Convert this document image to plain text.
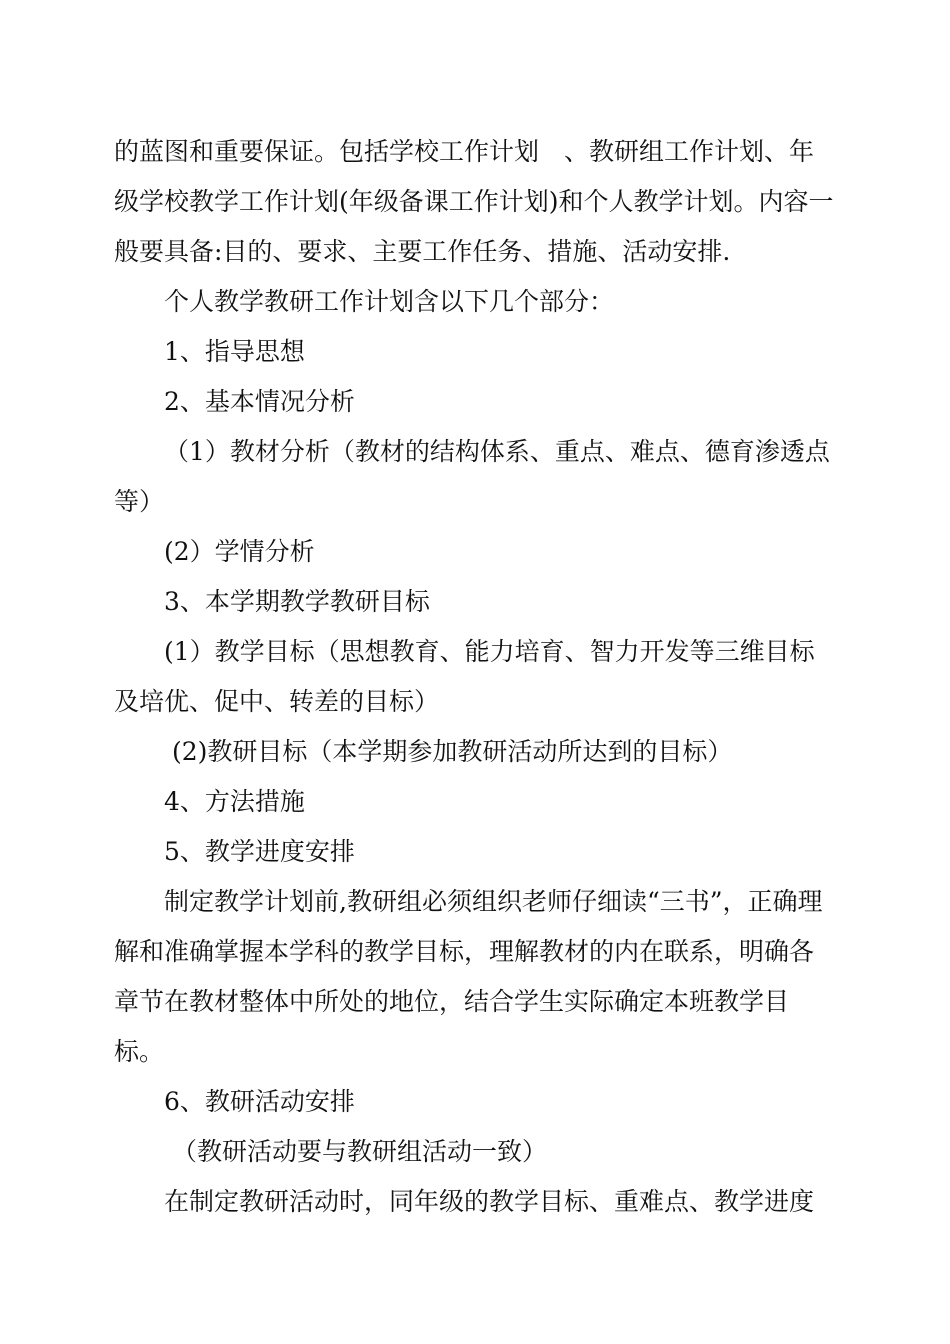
的蓝图和重要保证。包括学校工作计划　、教研组工作计划、年级学校教学工作计划(年级备课工作计划)和个人教学计划。内容一般要具备:目的、要求、主要工作任务、措施、活动安排.

个人教学教研工作计划含以下几个部分：

1、指导思想

2、基本情况分析

（1）教材分析（教材的结构体系、重点、难点、德育渗透点等）

(2）学情分析

3、本学期教学教研目标

(1）教学目标（思想教育、能力培育、智力开发等三维目标及培优、促中、转差的目标）

(2)教研目标（本学期参加教研活动所达到的目标）

4、方法措施

5、教学进度安排

制定教学计划前,教研组必须组织老师仔细读“三书”，正确理解和准确掌握本学科的教学目标，理解教材的内在联系，明确各章节在教材整体中所处的地位，结合学生实际确定本班教学目标。

6、教研活动安排

（教研活动要与教研组活动一致）

在制定教研活动时，同年级的教学目标、重难点、教学进度
